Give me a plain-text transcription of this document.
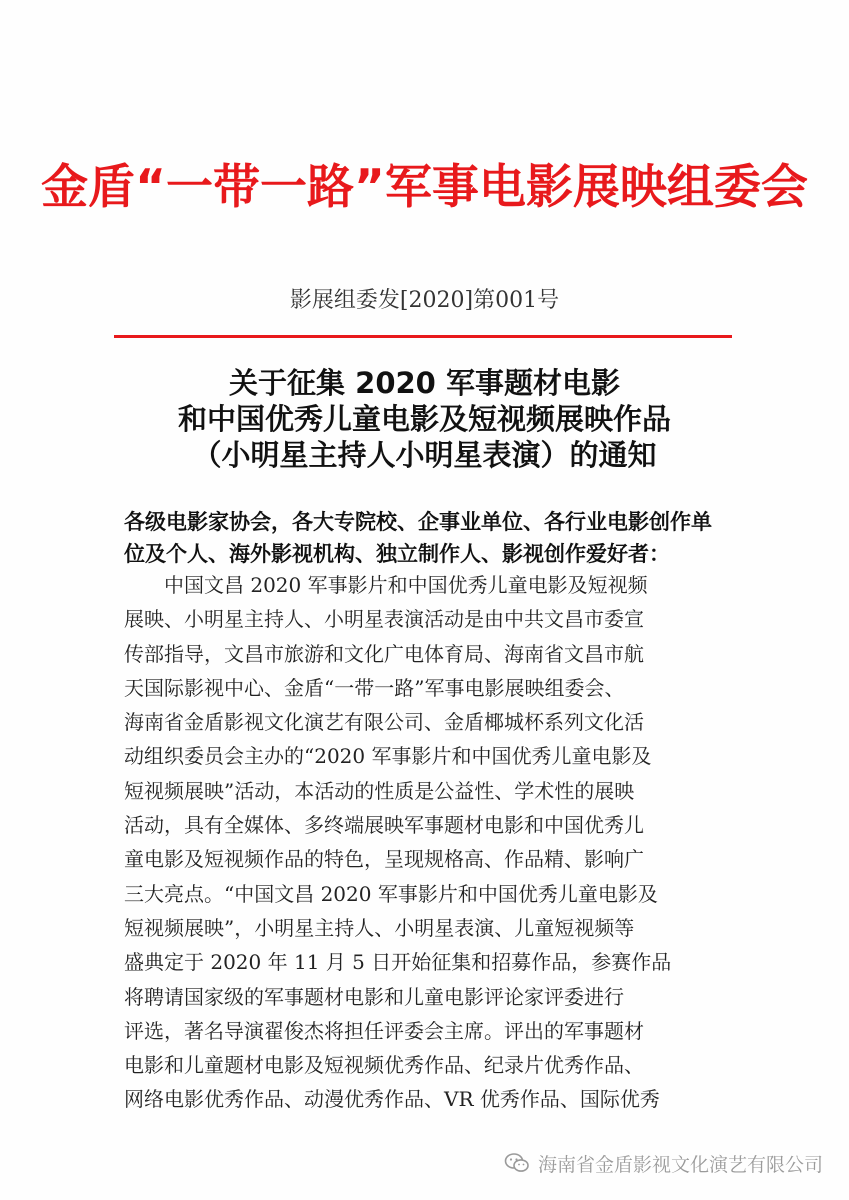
金盾“一带一路”军事电影展映组委会
影展组委发[2020]第001号
关于征集 2020 军事题材电影
和中国优秀儿童电影及短视频展映作品
（小明星主持人小明星表演）的通知
各级电影家协会，各大专院校、企事业单位、各行业电影创作单
位及个人、海外影视机构、独立制作人、影视创作爱好者：
中国文昌 2020 军事影片和中国优秀儿童电影及短视频
展映、小明星主持人、小明星表演活动是由中共文昌市委宣
传部指导，文昌市旅游和文化广电体育局、海南省文昌市航
天国际影视中心、金盾“一带一路”军事电影展映组委会、
海南省金盾影视文化演艺有限公司、金盾椰城杯系列文化活
动组织委员会主办的“2020 军事影片和中国优秀儿童电影及
短视频展映”活动，本活动的性质是公益性、学术性的展映
活动，具有全媒体、多终端展映军事题材电影和中国优秀儿
童电影及短视频作品的特色，呈现规格高、作品精、影响广
三大亮点。“中国文昌 2020 军事影片和中国优秀儿童电影及
短视频展映”，小明星主持人、小明星表演、儿童短视频等
盛典定于 2020 年 11 月 5 日开始征集和招募作品，参赛作品
将聘请国家级的军事题材电影和儿童电影评论家评委进行
评选，著名导演翟俊杰将担任评委会主席。评出的军事题材
电影和儿童题材电影及短视频优秀作品、纪录片优秀作品、
网络电影优秀作品、动漫优秀作品、VR 优秀作品、国际优秀
海南省金盾影视文化演艺有限公司
